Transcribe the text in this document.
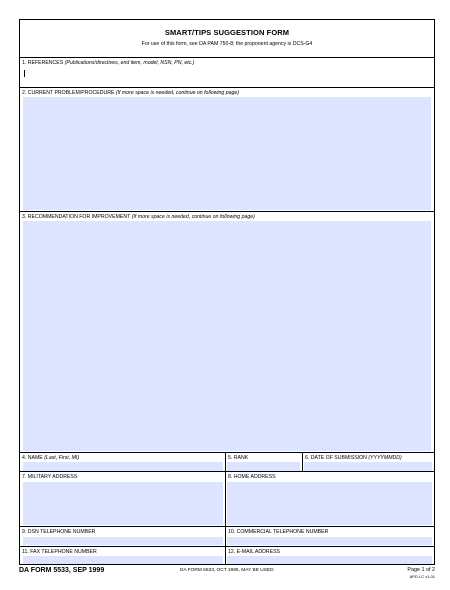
SMART/TIPS SUGGESTION FORM
For use of this form, see DA PAM 750-8; the proponent agency is DCS-G4
1. REFERENCES (Publications/directives, end item, model, NSN, PN, etc.)
2. CURRENT PROBLEM/PROCEDURE (If more space is needed, continue on following page)
3. RECOMMENDATION FOR IMPROVEMENT (If more space is needed, continue on following page)
4. NAME (Last, First, MI)	5. RANK	6. DATE OF SUBMISSION (YYYYMMDD)
7. MILITARY ADDRESS	8. HOME ADDRESS
9. DSN TELEPHONE NUMBER	10. COMMERCIAL TELEPHONE NUMBER
11. FAX TELEPHONE NUMBER	12. E-MAIL ADDRESS
DA FORM 5533, SEP 1999	DA FORM 5533, OCT 1986, MAY BE USED	Page 1 of 2
APD LC v1.01
